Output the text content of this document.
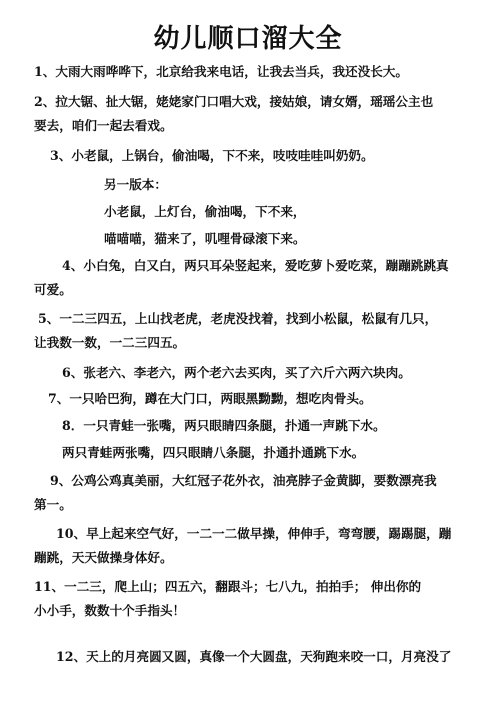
幼儿顺口溜大全
1、大雨大雨哗哗下，北京给我来电话，让我去当兵，我还没长大。
2、拉大锯、扯大锯，姥姥家门口唱大戏，接姑娘，请女婿，瑶瑶公主也
要去，咱们一起去看戏。
3、小老鼠，上锅台，偷油喝，下不来，吱吱哇哇叫奶奶。
另一版本：
小老鼠，上灯台，偷油喝，下不来，
喵喵喵，猫来了，叽哩骨碌滚下来。
4、小白兔，白又白，两只耳朵竖起来，爱吃萝卜爱吃菜，蹦蹦跳跳真
可爱。
5、一二三四五，上山找老虎，老虎没找着，找到小松鼠，松鼠有几只，
让我数一数，一二三四五。
6、张老六、李老六，两个老六去买肉，买了六斤六两六块肉。
7、一只哈巴狗，蹲在大门口，两眼黑黝黝，想吃肉骨头。
8．一只青蛙一张嘴，两只眼睛四条腿，扑通一声跳下水。
两只青蛙两张嘴，四只眼睛八条腿，扑通扑通跳下水。
9、公鸡公鸡真美丽，大红冠子花外衣，油亮脖子金黄脚，要数漂亮我
第一。
10、早上起来空气好，一二一二做早操，伸伸手，弯弯腰，踢踢腿，蹦
蹦跳，天天做操身体好。
11、一二三，爬上山；四五六，翻跟斗；七八九，拍拍手； 伸出你的
小小手，数数十个手指头！
12、天上的月亮圆又圆，真像一个大圆盘，天狗跑来咬一口，月亮没了
